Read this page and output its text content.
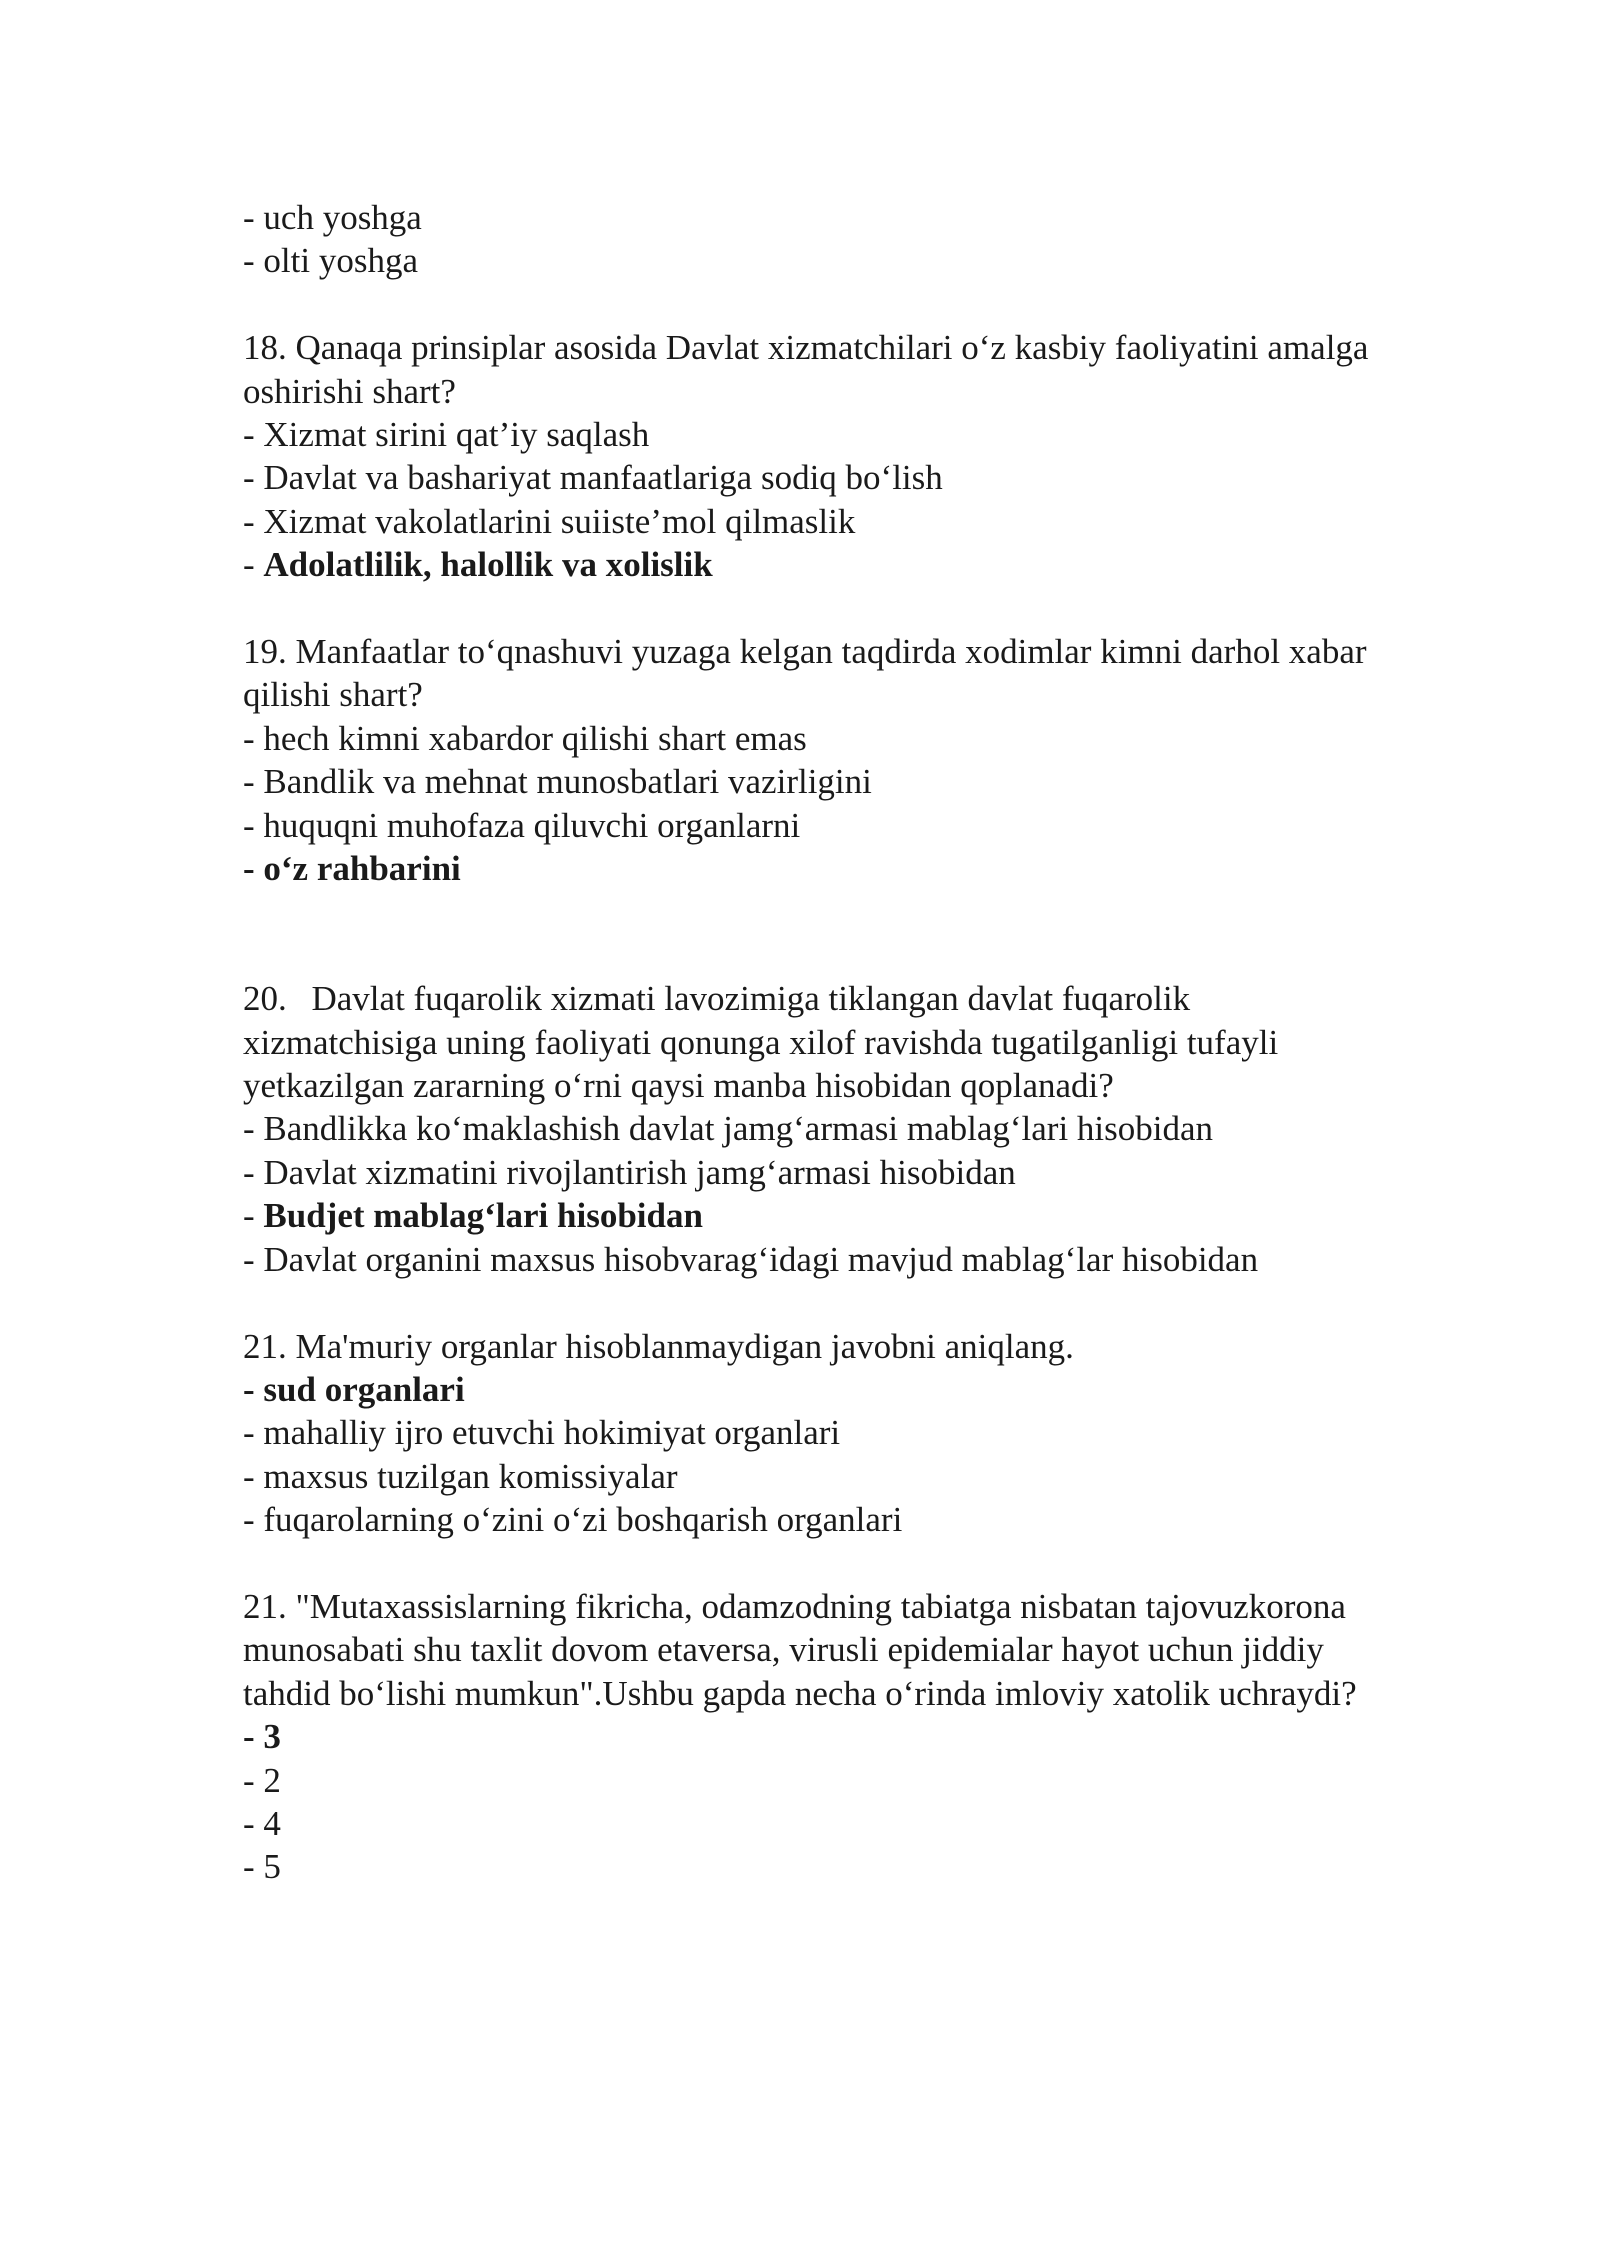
- uch yoshga

- olti yoshga

18. Qanaqa prinsiplar asosida Davlat xizmatchilari o‘z kasbiy faoliyatini amalga oshirishi shart?

- Xizmat sirini qat’iy saqlash

- Davlat va bashariyat manfaatlariga sodiq bo‘lish

- Xizmat vakolatlarini suiiste’mol qilmaslik

- Adolatlilik, halollik va xolislik

19. Manfaatlar to‘qnashuvi yuzaga kelgan taqdirda xodimlar kimni darhol xabar qilishi shart?

- hech kimni xabardor qilishi shart emas

- Bandlik va mehnat munosbatlari vazirligini

- huquqni muhofaza qiluvchi organlarni

- o‘z rahbarini

20. Davlat fuqarolik xizmati lavozimiga tiklangan davlat fuqarolik xizmatchisiga uning faoliyati qonunga xilof ravishda tugatilganligi tufayli yetkazilgan zararning o‘rni qaysi manba hisobidan qoplanadi?

- Bandlikka ko‘maklashish davlat jamg‘armasi mablag‘lari hisobidan

- Davlat xizmatini rivojlantirish jamg‘armasi hisobidan

- Budjet mablag‘lari hisobidan

- Davlat organini maxsus hisobvarag‘idagi mavjud mablag‘lar hisobidan

21. Ma'muriy organlar hisoblanmaydigan javobni aniqlang.

- sud organlari

- mahalliy ijro etuvchi hokimiyat organlari

- maxsus tuzilgan komissiyalar

- fuqarolarning o‘zini o‘zi boshqarish organlari

21. "Mutaxassislarning fikricha, odamzodning tabiatga nisbatan tajovuzkorona munosabati shu taxlit dovom etaversa, virusli epidemialar hayot uchun jiddiy tahdid bo‘lishi mumkun".Ushbu gapda necha o‘rinda imloviy xatolik uchraydi?

- 3

- 2

- 4

- 5
